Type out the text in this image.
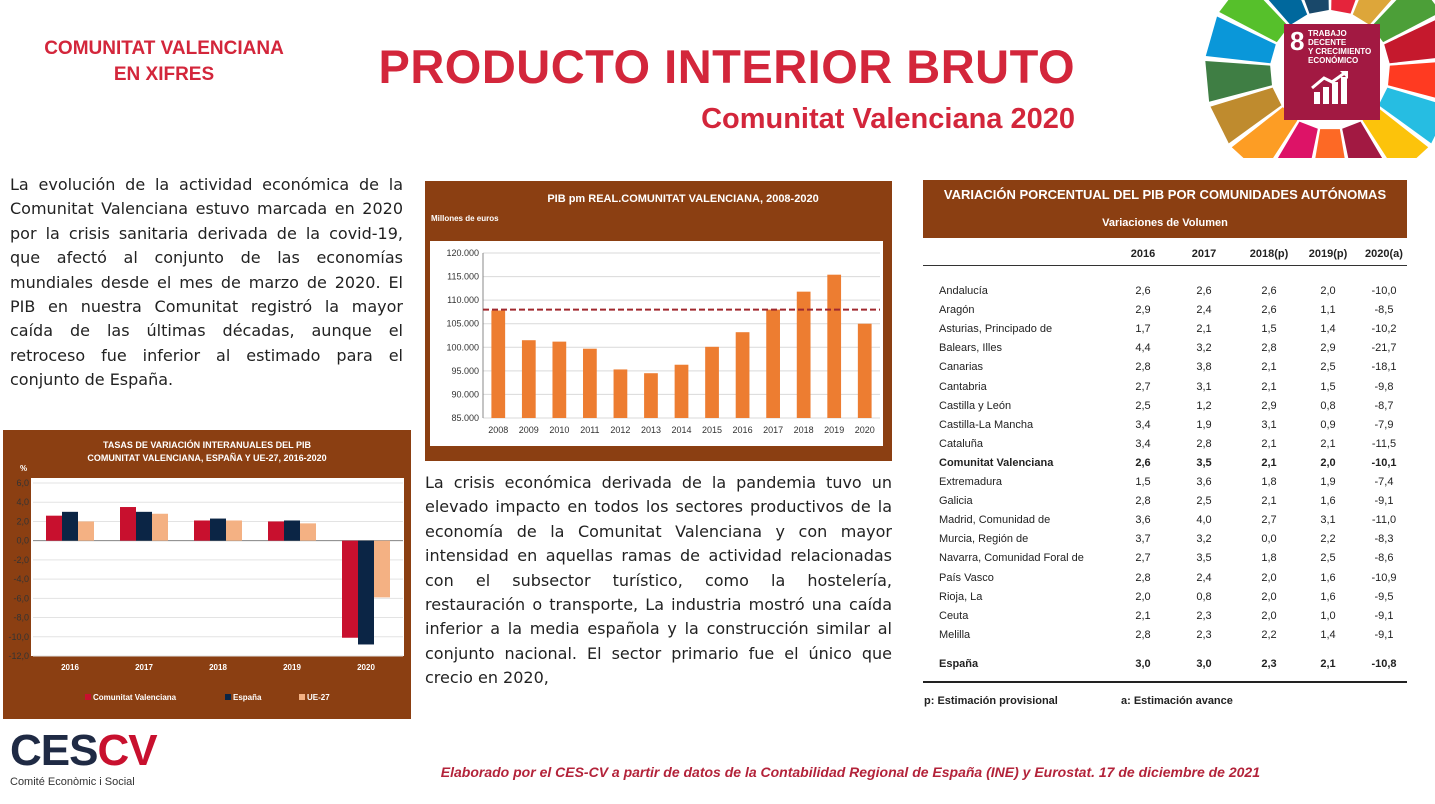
COMUNITAT VALENCIANA
EN XIFRES	PRODUCTO INTERIOR BRUTO
Comunitat Valenciana 2020
8 TRABAJO DECENTE
Y CRECIMIENTO
ECONÓMICO
La evolución de la actividad económica de la Comunitat Valenciana estuvo marcada en 2020 por la crisis sanitaria derivada de la covid-19, que afectó al conjunto de las economías mundiales desde el mes de marzo de 2020. El PIB en nuestra Comunitat registró la mayor caída de las últimas décadas, aunque el retroceso fue inferior al estimado para el conjunto de España.
PIB pm REAL.COMUNITAT VALENCIANA, 2008-2020
Millones de euros
85.000
90.000
95.000
100.000
105.000
110.000
115.000
120.000
2008 2009 2010 2011 2012 2013 2014 2015 2016 2017 2018 2019 2020
TASAS DE VARIACIÓN INTERANUALES DEL PIB
COMUNITAT VALENCIANA, ESPAÑA Y UE-27, 2016-2020
%
6,0
4,0
2,0
0,0
-2,0
-4,0
-6,0
-8,0
-10,0
-12,0
2016	2017	2018	2019	2020
Comunitat Valenciana	España	UE-27
La crisis económica derivada de la pandemia tuvo un elevado impacto en todos los sectores productivos de la economía de la Comunitat Valenciana y con mayor intensidad en aquellas ramas de actividad relacionadas con el subsector turístico, como la hostelería, restauración o transporte, La industria mostró una caída inferior a la media española y la construcción similar al conjunto nacional. El sector primario fue el único que crecio en 2020,
VARIACIÓN PORCENTUAL DEL PIB POR COMUNIDADES AUTÓNOMAS
Variaciones de Volumen
2016	2017	2018(p)	2019(p)	2020(a)
Andalucía	2,6	2,6	2,6	2,0	-10,0
Aragón	2,9	2,4	2,6	1,1	-8,5
Asturias, Principado de	1,7	2,1	1,5	1,4	-10,2
Balears, Illes	4,4	3,2	2,8	2,9	-21,7
Canarias	2,8	3,8	2,1	2,5	-18,1
Cantabria	2,7	3,1	2,1	1,5	-9,8
Castilla y León	2,5	1,2	2,9	0,8	-8,7
Castilla-La Mancha	3,4	1,9	3,1	0,9	-7,9
Cataluña	3,4	2,8	2,1	2,1	-11,5
Comunitat Valenciana	2,6	3,5	2,1	2,0	-10,1
Extremadura	1,5	3,6	1,8	1,9	-7,4
Galicia	2,8	2,5	2,1	1,6	-9,1
Madrid, Comunidad de	3,6	4,0	2,7	3,1	-11,0
Murcia, Región de	3,7	3,2	0,0	2,2	-8,3
Navarra, Comunidad Foral de	2,7	3,5	1,8	2,5	-8,6
País Vasco	2,8	2,4	2,0	1,6	-10,9
Rioja, La	2,0	0,8	2,0	1,6	-9,5
Ceuta	2,1	2,3	2,0	1,0	-9,1
Melilla	2,8	2,3	2,2	1,4	-9,1
España	3,0	3,0	2,3	2,1	-10,8
p: Estimación provisional	a: Estimación avance
CESCV
Comité Econòmic i Social
Elaborado por el CES-CV a partir de datos de la Contabilidad Regional de España (INE) y Eurostat. 17 de diciembre de 2021
